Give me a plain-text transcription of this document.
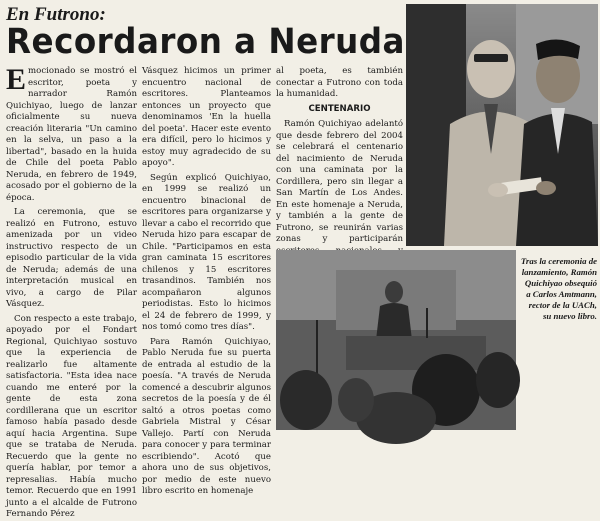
En Futrono:
Recordaron a Neruda

Emocionado se mostró el escritor, poeta y narrador Ramón Quichiyao, luego de lanzar oficialmente su nueva creación literaria "Un camino en la selva, un paso a la libertad", basado en la huida de Chile del poeta Pablo Neruda, en febrero de 1949, acosado por el gobierno de la época.

La ceremonia, que se realizó en Futrono, estuvo amenizada por un video instructivo respecto de un episodio particular de la vida de Neruda; además de una interpretación musical en vivo, a cargo de Pilar Vásquez.

Con respecto a este trabajo, apoyado por el Fondart Regional, Quichiyao sostuvo que la experiencia de realizarlo fue altamente satisfactoria. "Esta idea nace cuando me enteré por la gente de esta zona cordillerana que un escritor famoso había pasado desde aquí hacia Argentina. Supe que se trataba de Neruda. Recuerdo que la gente no quería hablar, por temor a represalias. Había mucho temor. Recuerdo que en 1991 junto a el alcalde de Futrono Fernando Pérez

Vásquez hicimos un primer encuentro nacional de escritores. Planteamos entonces un proyecto que denominamos 'En la huella del poeta'. Hacer este evento era difícil, pero lo hicimos y estoy muy agradecido de su apoyo".

Según explicó Quichiyao, en 1999 se realizó un encuentro binacional de escritores para organizarse y llevar a cabo el recorrido que Neruda hizo para escapar de Chile. "Participamos en esta gran caminata 15 escritores chilenos y 15 escritores trasandinos. También nos acompañaron algunos periodistas. Esto lo hicimos el 24 de febrero de 1999, y nos tomó como tres días".

Para Ramón Quichiyao, Pablo Neruda fue su puerta de entrada al estudio de la poesía. "A través de Neruda comencé a descubrir algunos secretos de la poesía y de él saltó a otros poetas como Gabriela Mistral y César Vallejo. Partí con Neruda para conocer y para terminar escribiendo". Acotó que ahora uno de sus objetivos, por medio de este nuevo libro escrito en homenaje

al poeta, es también conectar a Futrono con toda la humanidad.

CENTENARIO

Ramón Quichiyao adelantó que desde febrero del 2004 se celebrará el centenario del nacimiento de Neruda con una caminata por la Cordillera, pero sin llegar a San Martín de Los Andes. En este homenaje a Neruda, y también a la gente de Futrono, se reunirán varias zonas y participarán

Tras la ceremonia de lanzamiento, Ramón Quichiyao obsequió a Carlos Amtmann, rector de la UACh, su nuevo libro.
